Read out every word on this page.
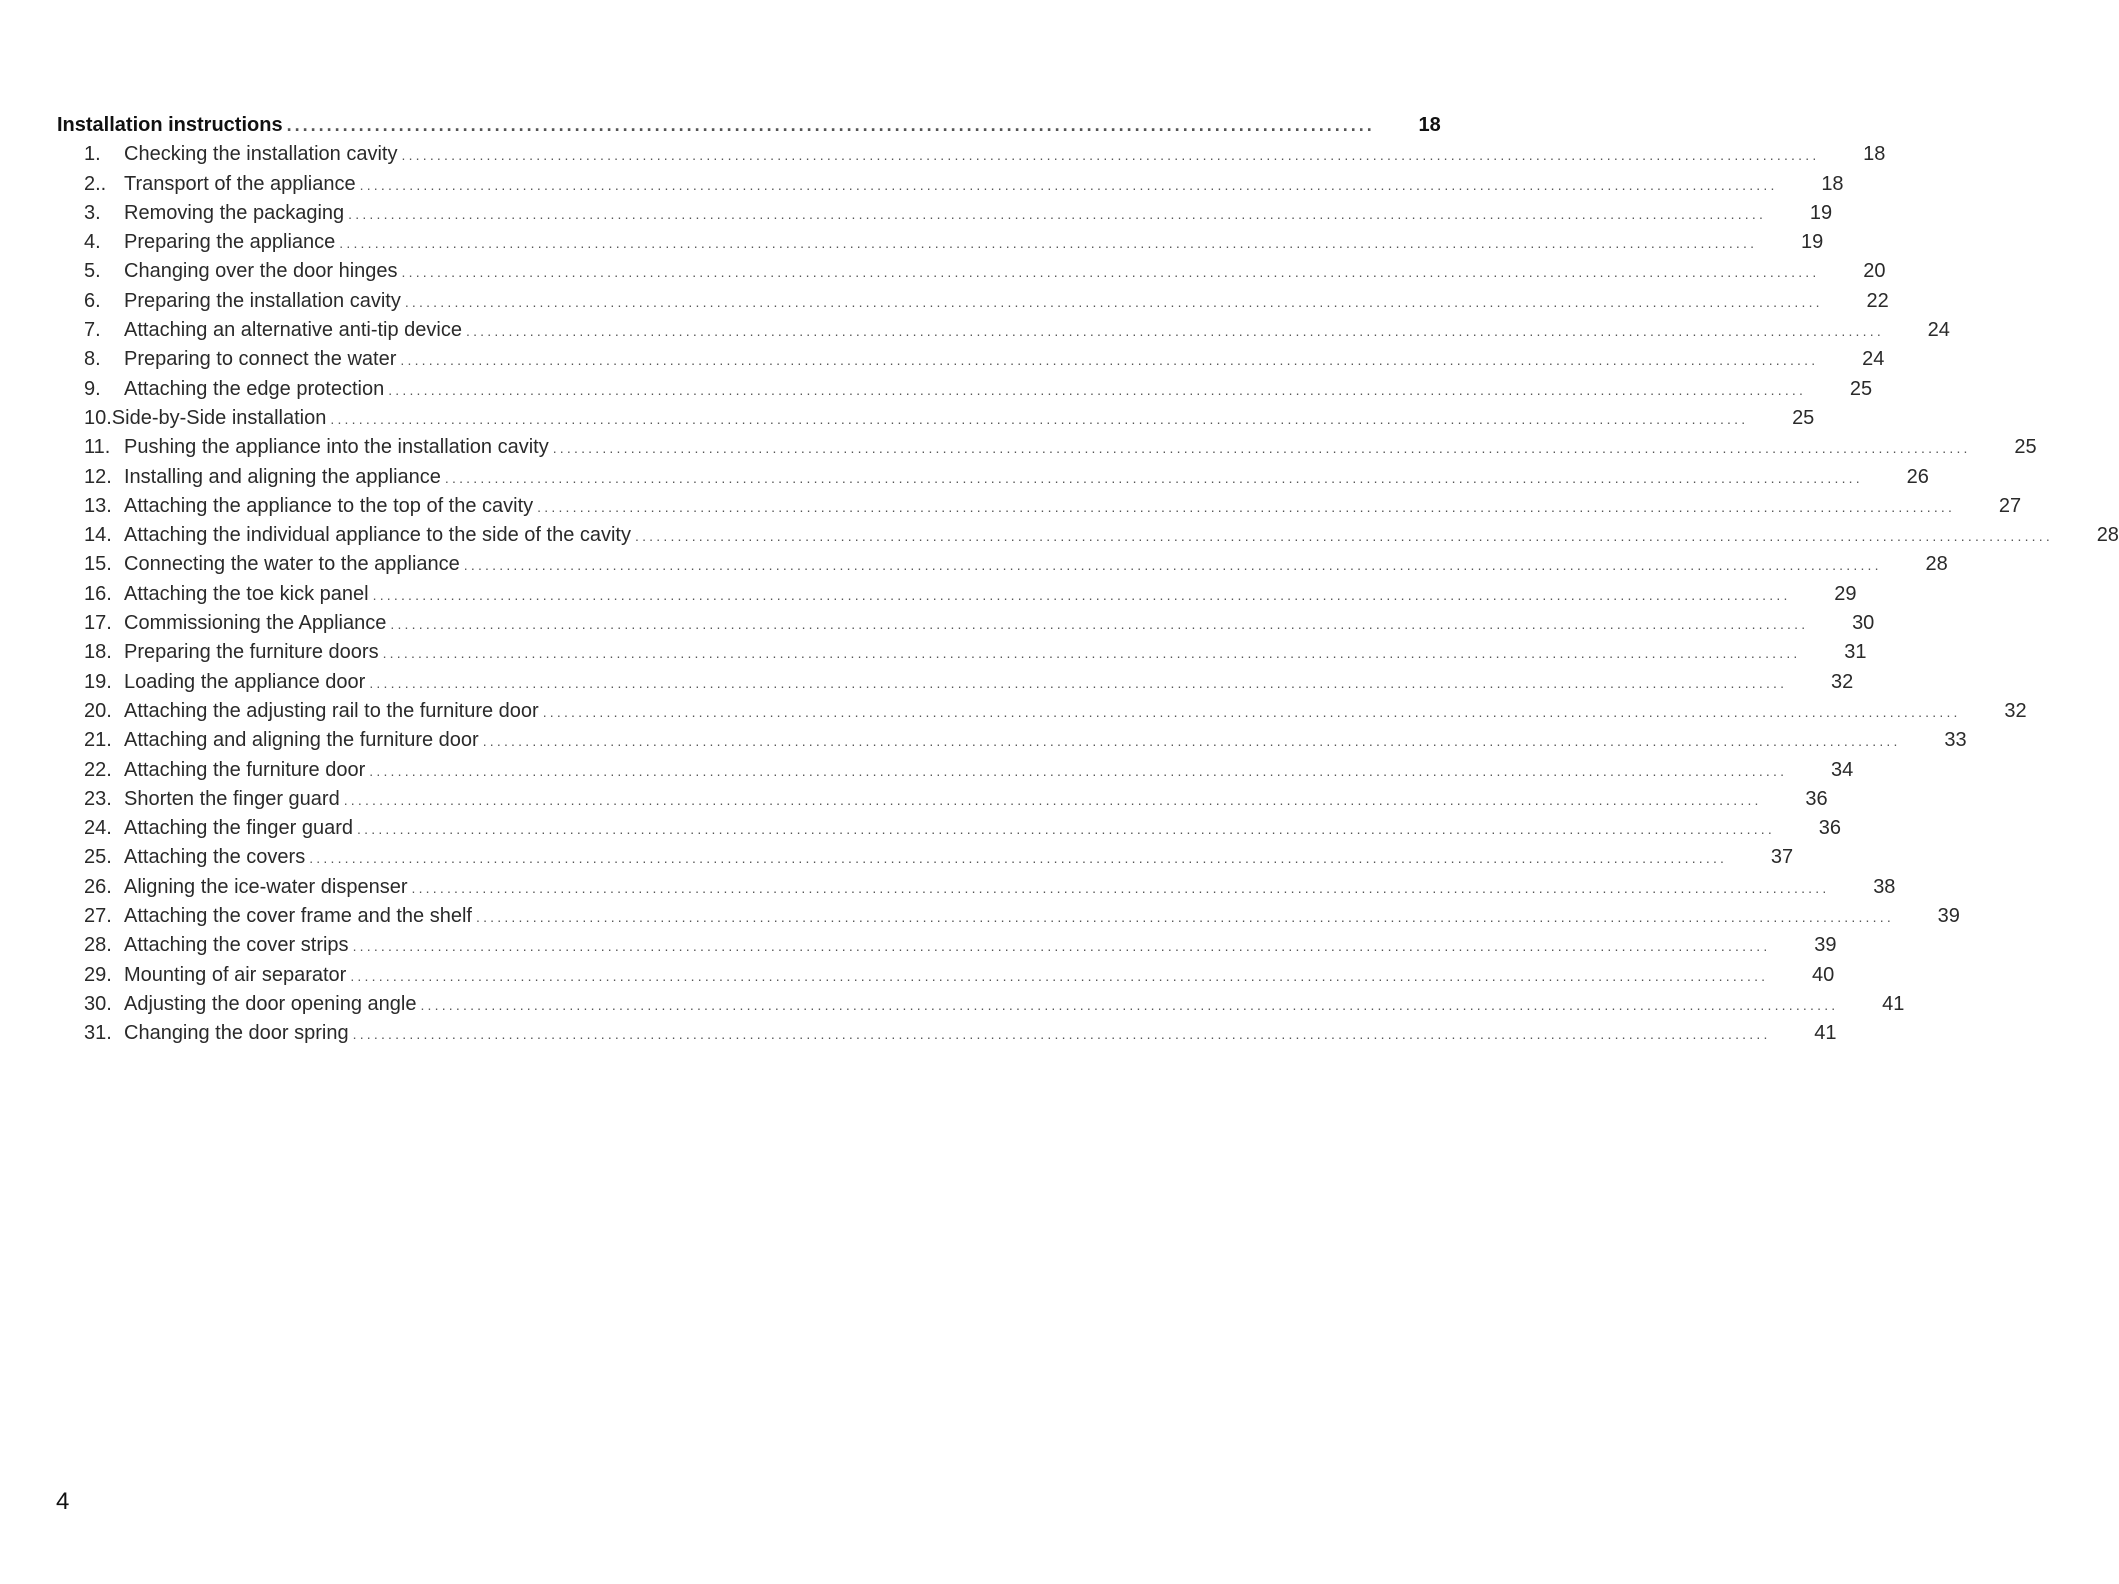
Installation instructions ........................................................................................................................................ 18
1.	Checking the installation cavity ........................................................................................................................................................................................................ 18
2.. Transport of the appliance ........................................................................................................................................................................................................ 18
3.	Removing the packaging ........................................................................................................................................................................................................ 19
4.	Preparing the appliance ........................................................................................................................................................................................................ 19
5.	Changing over the door hinges ........................................................................................................................................................................................................ 20
6.	Preparing the installation cavity ........................................................................................................................................................................................................ 22
7.	Attaching an alternative anti-tip device ........................................................................................................................................................................................................ 24
8.	Preparing to connect the water ........................................................................................................................................................................................................ 24
9.	Attaching the edge protection ........................................................................................................................................................................................................ 25
10.Side-by-Side installation ........................................................................................................................................................................................................ 25
11. Pushing the appliance into the installation cavity ........................................................................................................................................................................................................ 25
12. Installing and aligning the appliance ........................................................................................................................................................................................................ 26
13. Attaching the appliance to the top of the cavity ........................................................................................................................................................................................................ 27
14. Attaching the individual appliance to the side of the cavity ........................................................................................................................................................................................................ 28
15. Connecting the water to the appliance ........................................................................................................................................................................................................ 28
16. Attaching the toe kick panel ........................................................................................................................................................................................................ 29
17. Commissioning the Appliance ........................................................................................................................................................................................................ 30
18. Preparing the furniture doors ........................................................................................................................................................................................................ 31
19. Loading the appliance door ........................................................................................................................................................................................................ 32
20. Attaching the adjusting rail to the furniture door ........................................................................................................................................................................................................ 32
21. Attaching and aligning the furniture door ........................................................................................................................................................................................................ 33
22. Attaching the furniture door ........................................................................................................................................................................................................ 34
23. Shorten the finger guard ........................................................................................................................................................................................................ 36
24. Attaching the finger guard ........................................................................................................................................................................................................ 36
25. Attaching the covers ........................................................................................................................................................................................................ 37
26. Aligning the ice-water dispenser ........................................................................................................................................................................................................ 38
27. Attaching the cover frame and the shelf ........................................................................................................................................................................................................ 39
28. Attaching the cover strips ........................................................................................................................................................................................................ 39
29. Mounting of air separator ........................................................................................................................................................................................................ 40
30. Adjusting the door opening angle ........................................................................................................................................................................................................ 41
31. Changing the door spring ........................................................................................................................................................................................................ 41
4
